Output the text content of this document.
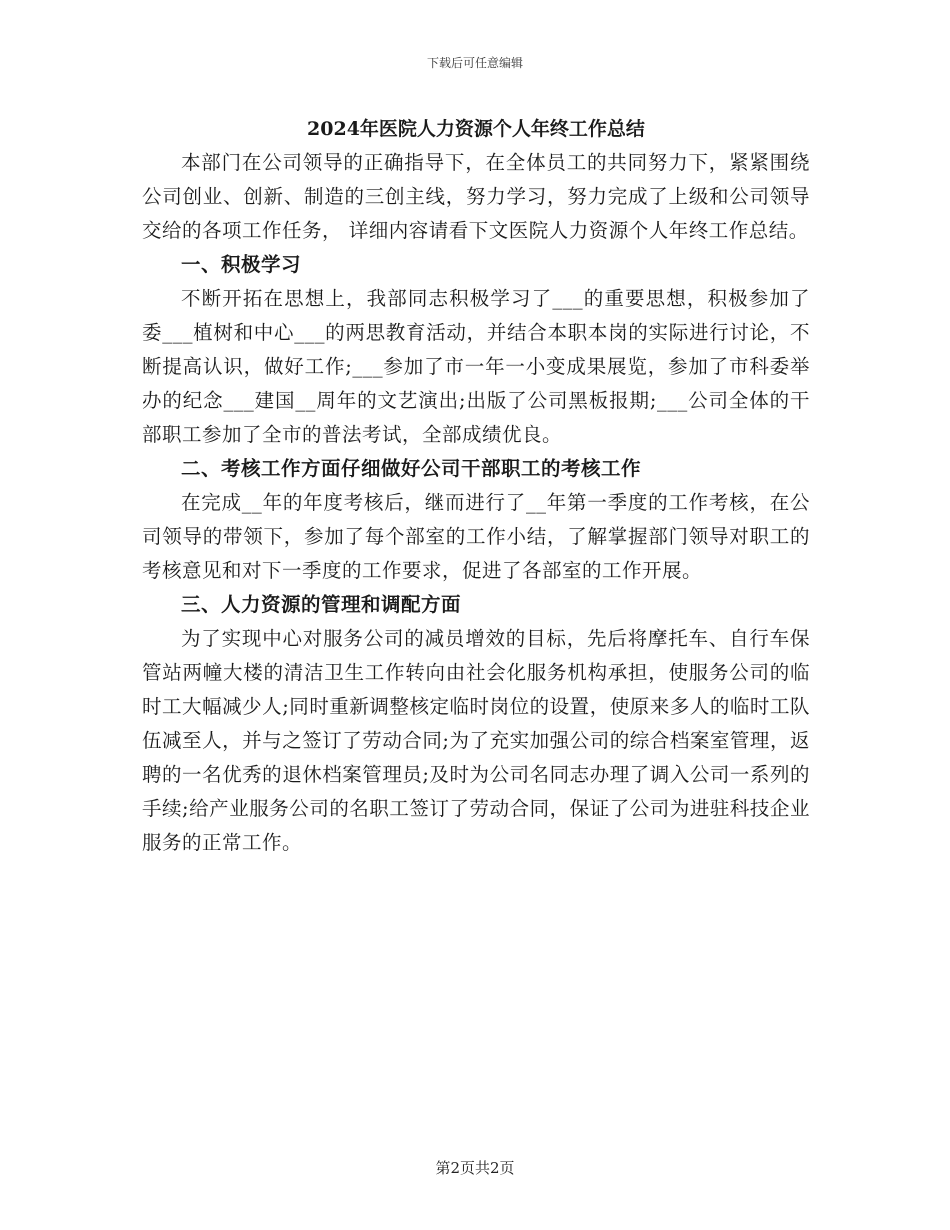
下载后可任意编辑
2024年医院人力资源个人年终工作总结

本部门在公司领导的正确指导下，在全体员工的共同努力下，紧紧围绕公司创业、创新、制造的三创主线，努力学习，努力完成了上级和公司领导交给的各项工作任务， 详细内容请看下文医院人力资源个人年终工作总结。

一、积极学习

不断开拓在思想上，我部同志积极学习了___的重要思想，积极参加了委___植树和中心___的两思教育活动，并结合本职本岗的实际进行讨论，不断提高认识，做好工作;___参加了市一年一小变成果展览，参加了市科委举办的纪念___建国__周年的文艺演出;出版了公司黑板报期;___公司全体的干部职工参加了全市的普法考试，全部成绩优良。

二、考核工作方面仔细做好公司干部职工的考核工作

在完成__年的年度考核后，继而进行了__年第一季度的工作考核，在公司领导的带领下，参加了每个部室的工作小结，了解掌握部门领导对职工的考核意见和对下一季度的工作要求，促进了各部室的工作开展。

三、人力资源的管理和调配方面

为了实现中心对服务公司的减员增效的目标，先后将摩托车、自行车保管站两幢大楼的清洁卫生工作转向由社会化服务机构承担，使服务公司的临时工大幅减少人;同时重新调整核定临时岗位的设置，使原来多人的临时工队伍减至人，并与之签订了劳动合同;为了充实加强公司的综合档案室管理，返聘的一名优秀的退休档案管理员;及时为公司名同志办理了调入公司一系列的手续;给产业服务公司的名职工签订了劳动合同，保证了公司为进驻科技企业服务的正常工作。

第2页共2页
